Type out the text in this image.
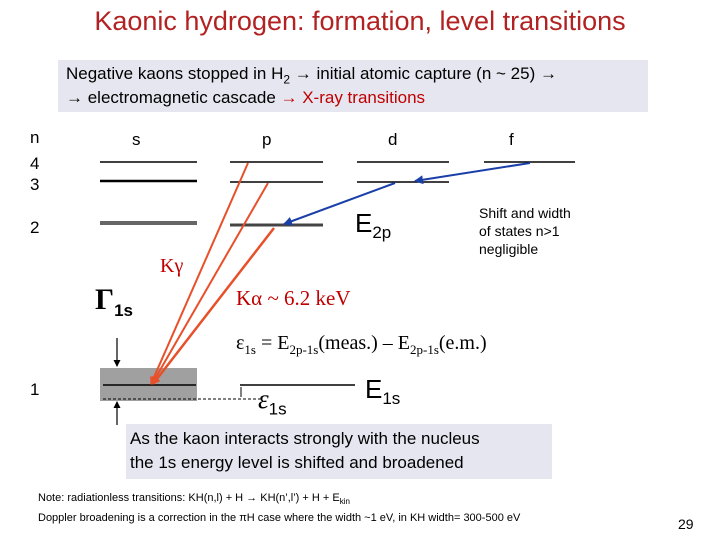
Kaonic hydrogen: formation, level transitions
Negative kaons stopped in $H_2$ → initial atomic capture (n ~ 25) →
→ electromagnetic cascade → X-ray transitions
n
4
3
2
1
s	p	d	f
$E_{2p}$
Shift and width
of states n>1
negligible
Kγ
$\Gamma_{1s}$
Kα ~ 6.2 keV
$\varepsilon_{1s}$ = $E_{2p-1s}(meas.) - E_{2p-1s}(e.m.)$
$\varepsilon_{1s}$
$E_{1s}$
As the kaon interacts strongly with the nucleus
the 1s energy level is shifted and broadened
Note: radiationless transitions: KH(n,l) + H → KH(n’,l’) + $H + E_{kin}$
Doppler broadening is a correction in the πH case where the width ~1 eV, in KH width= 300-500 eV	29
